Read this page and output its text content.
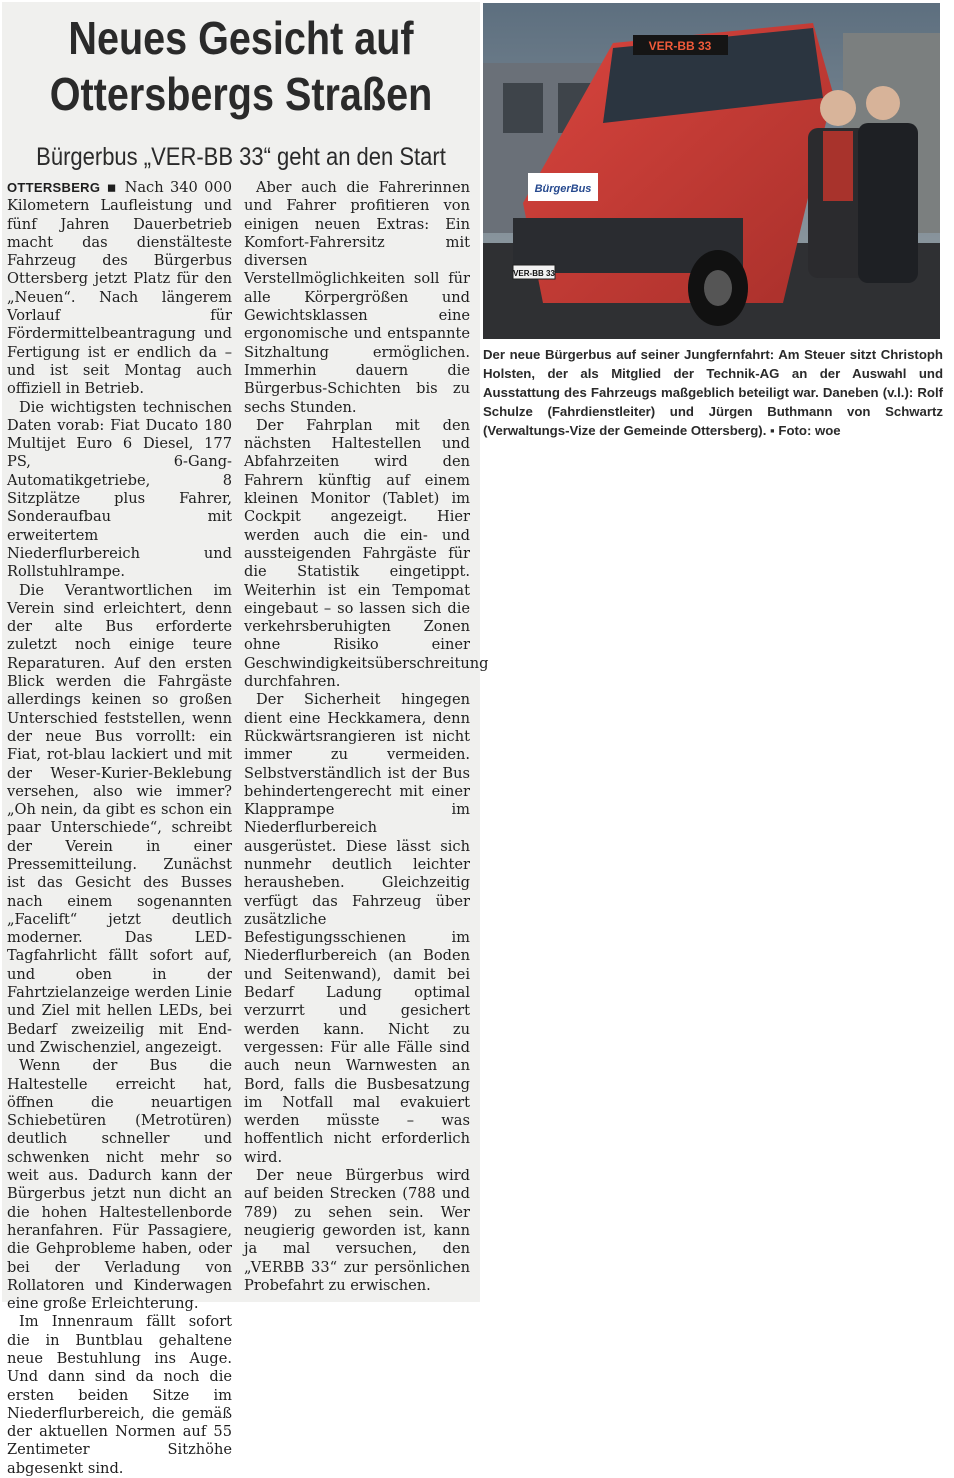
Neues Gesicht auf
Ottersbergs Straßen
Bürgerbus „VER-BB 33“ geht an den Start

OTTERSBERG ▪ Nach 340 000 Kilometern Laufleistung und fünf Jahren Dauerbetrieb macht das dienstälteste Fahrzeug des Bürgerbus Ottersberg jetzt Platz für den „Neuen“. Nach längerem Vorlauf für Fördermittelbeantragung und Fertigung ist er endlich da – und ist seit Montag auch offiziell in Betrieb.

Die wichtigsten technischen Daten vorab: Fiat Ducato 180 Multijet Euro 6 Diesel, 177 PS, 6-Gang-Automatikgetriebe, 8 Sitzplätze plus Fahrer, Sonderaufbau mit erweitertem Niederflurbereich und Rollstuhlrampe.

Die Verantwortlichen im Verein sind erleichtert, denn der alte Bus erforderte zuletzt noch einige teure Reparaturen. Auf den ersten Blick werden die Fahrgäste allerdings keinen so großen Unterschied feststellen, wenn der neue Bus vorrollt: ein Fiat, rot-blau lackiert und mit der Weser-Kurier-Beklebung versehen, also wie immer? „Oh nein, da gibt es schon ein paar Unterschiede“, schreibt der Verein in einer Pressemitteilung. Zunächst ist das Gesicht des Busses nach einem sogenannten „Facelift“ jetzt deutlich moderner. Das LED-Tagfahrlicht fällt sofort auf, und oben in der Fahrtzielanzeige werden Linie und Ziel mit hellen LEDs, bei Bedarf zweizeilig mit End- und Zwischenziel, angezeigt.

Wenn der Bus die Haltestelle erreicht hat, öffnen die neuartigen Schiebetüren (Metrotüren) deutlich schneller und schwenken nicht mehr so weit aus. Dadurch kann der Bürgerbus jetzt nun dicht an die hohen Haltestellenborde heranfahren. Für Passagiere, die Gehprobleme haben, oder bei der Verladung von Rollatoren und Kinderwagen eine große Erleichterung.

Im Innenraum fällt sofort die in Buntblau gehaltene neue Bestuhlung ins Auge. Und dann sind da noch die ersten beiden Sitze im Niederflurbereich, die gemäß der aktuellen Normen auf 55 Zentimeter Sitzhöhe abgesenkt sind.

Aber auch die Fahrerinnen und Fahrer profitieren von einigen neuen Extras: Ein Komfort-Fahrersitz mit diversen Verstellmöglichkeiten soll für alle Körpergrößen und Gewichtsklassen eine ergonomische und entspannte Sitzhaltung ermöglichen. Immerhin dauern die Bürgerbus-Schichten bis zu sechs Stunden.

Der Fahrplan mit den nächsten Haltestellen und Abfahrzeiten wird den Fahrern künftig auf einem kleinen Monitor (Tablet) im Cockpit angezeigt. Hier werden auch die ein- und aussteigenden Fahrgäste für die Statistik eingetippt. Weiterhin ist ein Tempomat eingebaut – so lassen sich die verkehrsberuhigten Zonen ohne Risiko einer Geschwindigkeitsüberschreitung durchfahren.

Der Sicherheit hingegen dient eine Heckkamera, denn Rückwärtsrangieren ist nicht immer zu vermeiden. Selbstverständlich ist der Bus behindertengerecht mit einer Klapprampe im Niederflurbereich ausgerüstet. Diese lässt sich nunmehr deutlich leichter herausheben. Gleichzeitig verfügt das Fahrzeug über zusätzliche Befestigungsschienen im Niederflurbereich (an Boden und Seitenwand), damit bei Bedarf Ladung optimal verzurrt und gesichert werden kann. Nicht zu vergessen: Für alle Fälle sind auch neun Warnwesten an Bord, falls die Busbesatzung im Notfall mal evakuiert werden müsste – was hoffentlich nicht erforderlich wird.

Der neue Bürgerbus wird auf beiden Strecken (788 und 789) zu sehen sein. Wer neugierig geworden ist, kann ja mal versuchen, den „VERBB 33“ zur persönlichen Probefahrt zu erwischen.

VER-BB 33
BürgerBus
VER-BB 33
Der neue Bürgerbus auf seiner Jungfernfahrt: Am Steuer sitzt Christoph Holsten, der als Mitglied der Technik-AG an der Auswahl und Ausstattung des Fahrzeugs maßgeblich beteiligt war. Daneben (v.l.): Rolf Schulze (Fahrdienstleiter) und Jürgen Buthmann von Schwartz (Verwaltungs-Vize der Gemeinde Ottersberg). ▪ Foto: woe
